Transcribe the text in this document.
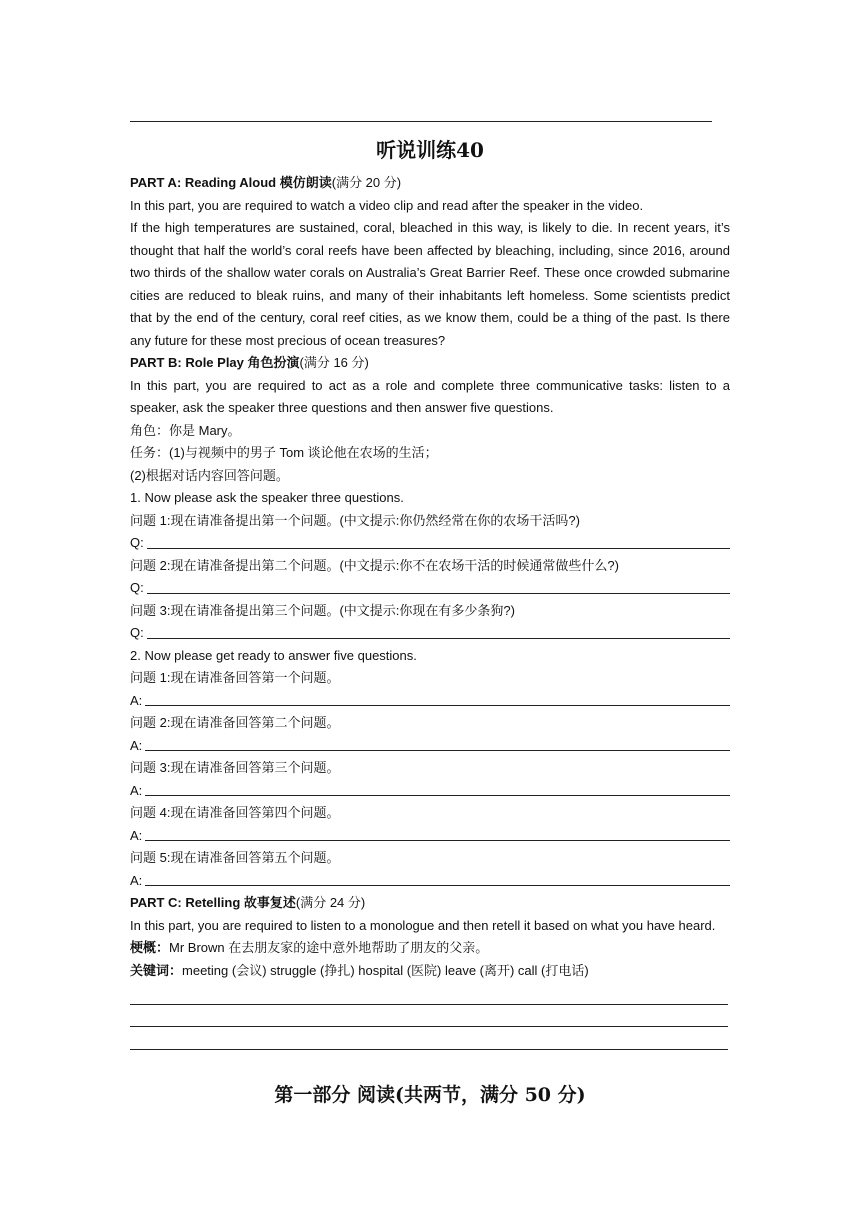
听说训练40

PART A: Reading Aloud 模仿朗读(满分 20 分)

In this part, you are required to watch a video clip and read after the speaker in the video.

If the high temperatures are sustained, coral, bleached in this way, is likely to die. In recent years, it’s thought that half the world’s coral reefs have been affected by bleaching, including, since 2016, around two thirds of the shallow water corals on Australia’s Great Barrier Reef. These once crowded submarine cities are reduced to bleak ruins, and many of their inhabitants left homeless. Some scientists predict that by the end of the century, coral reef cities, as we know them, could be a thing of the past. Is there any future for these most precious of ocean treasures?

PART B: Role Play 角色扮演(满分 16 分)

In this part, you are required to act as a role and complete three communicative tasks: listen to a speaker, ask the speaker three questions and then answer five questions.

角色：你是 Mary。

任务：(1)与视频中的男子 Tom 谈论他在农场的生活；

(2)根据对话内容回答问题。

1. Now please ask the speaker three questions.

问题 1:现在请准备提出第一个问题。(中文提示:你仍然经常在你的农场干活吗?)

Q:

问题 2:现在请准备提出第二个问题。(中文提示:你不在农场干活的时候通常做些什么?)

Q:

问题 3:现在请准备提出第三个问题。(中文提示:你现在有多少条狗?)

Q:

2. Now please get ready to answer five questions.

问题 1:现在请准备回答第一个问题。

A:

问题 2:现在请准备回答第二个问题。

A:

问题 3:现在请准备回答第三个问题。

A:

问题 4:现在请准备回答第四个问题。

A:

问题 5:现在请准备回答第五个问题。

A:

PART C: Retelling 故事复述(满分 24 分)

In this part, you are required to listen to a monologue and then retell it based on what you have heard.

梗概：Mr Brown 在去朋友家的途中意外地帮助了朋友的父亲。

关键词：meeting (会议) struggle (挣扎) hospital (医院) leave (离开) call (打电话)

第一部分 阅读(共两节，满分 50 分)
